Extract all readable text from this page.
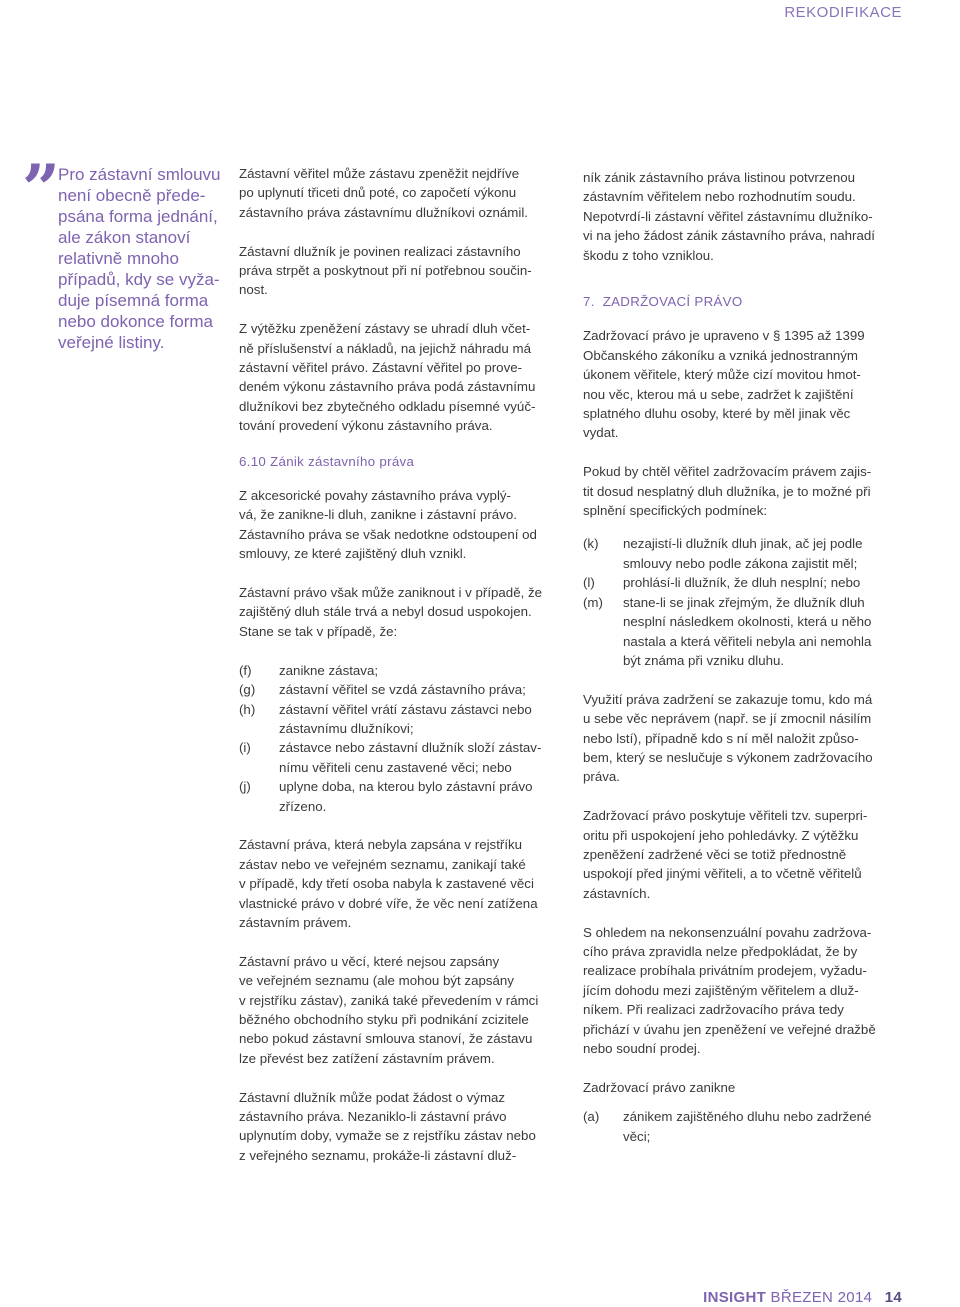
REKODIFIKACE
”
Pro zástavní smlouvu
není obecně přede-
psána forma jednání,
ale zákon stanoví
relativně mnoho
případů, kdy se vyža-
duje písemná forma
nebo dokonce forma
veřejné listiny.

Zástavní věřitel může zástavu zpeněžit nejdříve
po uplynutí třiceti dnů poté, co započetí výkonu
zástavního práva zástavnímu dlužníkovi oznámil.

Zástavní dlužník je povinen realizaci zástavního
práva strpět a poskytnout při ní potřebnou součin-
nost.

Z výtěžku zpeněžení zástavy se uhradí dluh včet-
ně příslušenství a nákladů, na jejichž náhradu má
zástavní věřitel právo. Zástavní věřitel po prove-
deném výkonu zástavního práva podá zástavnímu
dlužníkovi bez zbytečného odkladu písemné vyúč-
tování provedení výkonu zástavního práva.

6.10 Zánik zástavního práva

Z akcesorické povahy zástavního práva vyplý-
vá, že zanikne-li dluh, zanikne i zástavní právo.
Zástavního práva se však nedotkne odstoupení od
smlouvy, ze které zajištěný dluh vznikl.

Zástavní právo však může zaniknout i v případě, že
zajištěný dluh stále trvá a nebyl dosud uspokojen.
Stane se tak v případě, že:

(f)	zanikne zástava;
(g)	zástavní věřitel se vzdá zástavního práva;
(h)	zástavní věřitel vrátí zástavu zástavci nebo
zástavnímu dlužníkovi;
(i)	zástavce nebo zástavní dlužník složí zástav-
nímu věřiteli cenu zastavené věci; nebo
(j)	uplyne doba, na kterou bylo zástavní právo
zřízeno.

Zástavní práva, která nebyla zapsána v rejstříku
zástav nebo ve veřejném seznamu, zanikají také
v případě, kdy třetí osoba nabyla k zastavené věci
vlastnické právo v dobré víře, že věc není zatížena
zástavním právem.

Zástavní právo u věcí, které nejsou zapsány
ve veřejném seznamu (ale mohou být zapsány
v rejstříku zástav), zaniká také převedením v rámci
běžného obchodního styku při podnikání zcizitele
nebo pokud zástavní smlouva stanoví, že zástavu
lze převést bez zatížení zástavním právem.

Zástavní dlužník může podat žádost o výmaz
zástavního práva. Nezaniklo-li zástavní právo
uplynutím doby, vymaže se z rejstříku zástav nebo
z veřejného seznamu, prokáže-li zástavní dluž-

ník zánik zástavního práva listinou potvrzenou
zástavním věřitelem nebo rozhodnutím soudu.
Nepotvrdí-li zástavní věřitel zástavnímu dlužníko-
vi na jeho žádost zánik zástavního práva, nahradí
škodu z toho vzniklou.

7. ZADRŽOVACÍ PRÁVO

Zadržovací právo je upraveno v § 1395 až 1399
Občanského zákoníku a vzniká jednostranným
úkonem věřitele, který může cizí movitou hmot-
nou věc, kterou má u sebe, zadržet k zajištění
splatného dluhu osoby, které by měl jinak věc
vydat.

Pokud by chtěl věřitel zadržovacím právem zajis-
tit dosud nesplatný dluh dlužníka, je to možné při
splnění specifických podmínek:

(k)	nezajistí-li dlužník dluh jinak, ač jej podle
smlouvy nebo podle zákona zajistit měl;
(l)	prohlásí-li dlužník, že dluh nesplní; nebo
(m)	stane-li se jinak zřejmým, že dlužník dluh
nesplní následkem okolnosti, která u něho
nastala a která věřiteli nebyla ani nemohla
být známa při vzniku dluhu.

Využití práva zadržení se zakazuje tomu, kdo má
u sebe věc neprávem (např. se jí zmocnil násilím
nebo lstí), případně kdo s ní měl naložit způso-
bem, který se neslučuje s výkonem zadržovacího
práva.

Zadržovací právo poskytuje věřiteli tzv. superpri-
oritu při uspokojení jeho pohledávky. Z výtěžku
zpeněžení zadržené věci se totiž přednostně
uspokojí před jinými věřiteli, a to včetně věřitelů
zástavních.

S ohledem na nekonsenzuální povahu zadržova-
cího práva zpravidla nelze předpokládat, že by
realizace probíhala privátním prodejem, vyžadu-
jícím dohodu mezi zajištěným věřitelem a dluž-
níkem. Při realizaci zadržovacího práva tedy
přichází v úvahu jen zpeněžení ve veřejné dražbě
nebo soudní prodej.

Zadržovací právo zanikne

(a)	zánikem zajištěného dluhu nebo zadržené
věci;
INSIGHT BŘEZEN 2014 14
